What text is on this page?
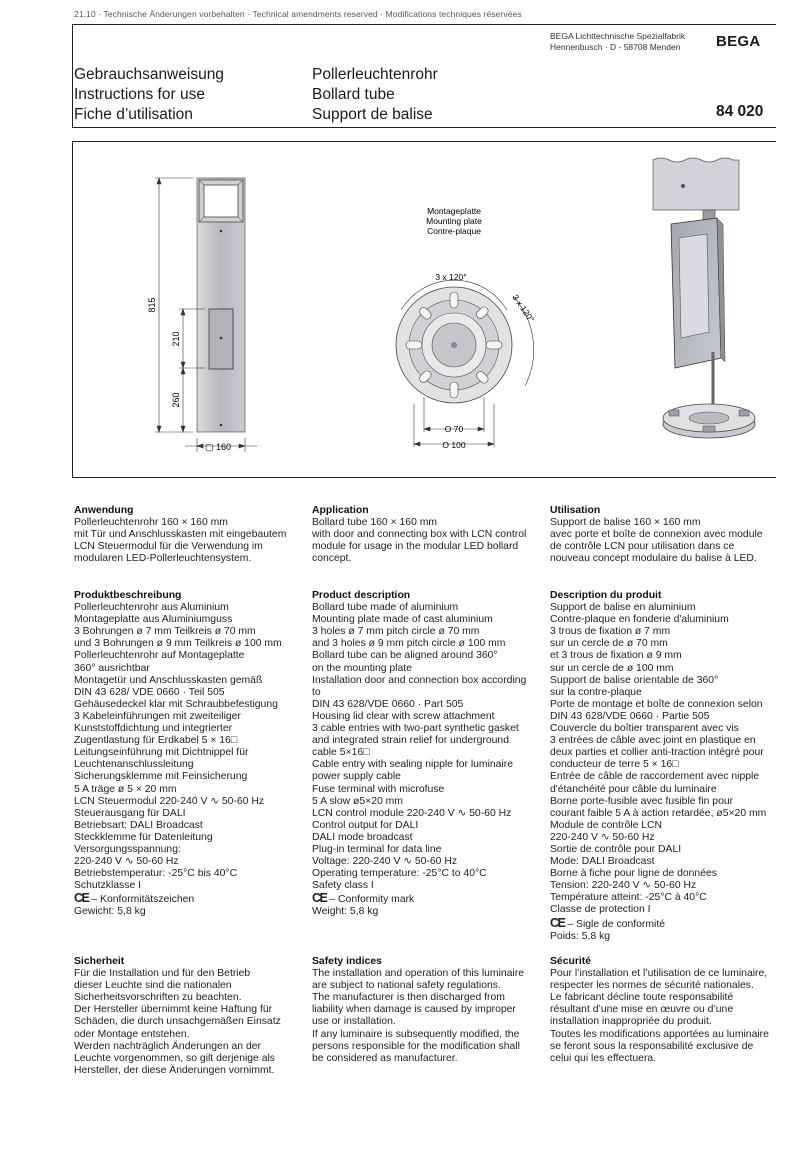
21.10 · Technische Änderungen vorbehalten · Technical amendments reserved · Modifications techniques réservées
BEGA Lichttechnische Spezialfabrik
Hennenbusch · D - 58708 Menden	BEGA
Gebrauchsanweisung
Instructions for use
Fiche d’utilisation
Pollerleuchtenrohr
Bollard tube
Support de balise	84 020
815
210
260
▢ 160
Montageplatte
Mounting plate
Contre-plaque
3 x 120°
3 x 120°
O 70
O 100
Anwendung
Pollerleuchtenrohr 160 × 160 mm
mit Tür und Anschlusskasten mit eingebautem
LCN Steuermodul für die Verwendung im
modularen LED-Pollerleuchtensystem.
Produktbeschreibung
Pollerleuchtenrohr aus Aluminium
Montageplatte aus Aluminiumguss
3 Bohrungen ø 7 mm Teilkreis ø 70 mm
und 3 Bohrungen ø 9 mm Teilkreis ø 100 mm
Pollerleuchtenrohr auf Montageplatte
360° ausrichtbar
Montagetür und Anschlusskasten gemäß
DIN 43 628/ VDE 0660 · Teil 505
Gehäusedeckel klar mit Schraubbefestigung
3 Kabeleinführungen mit zweiteiliger
Kunststoffdichtung und integrierter
Zugentlastung für Erdkabel 5 × 16□
Leitungseinführung mit Dichtnippel für
Leuchtenanschlussleitung
Sicherungsklemme mit Feinsicherung
5 A träge ø 5 × 20 mm
LCN Steuermodul 220-240 V ∿ 50-60 Hz
Steuerausgang für DALI
Betriebsart: DALI Broadcast
Steckklemme für Datenleitung
Versorgungsspannung:
220-240 V ∿ 50-60 Hz
Betriebstemperatur: -25°C bis 40°C
Schutzklasse I
CE – Konformitätszeichen
Gewicht: 5,8 kg
Sicherheit
Für die Installation und für den Betrieb
dieser Leuchte sind die nationalen
Sicherheitsvorschriften zu beachten.
Der Hersteller übernimmt keine Haftung für
Schäden, die durch unsachgemäßen Einsatz
oder Montage entstehen.
Werden nachträglich Änderungen an der
Leuchte vorgenommen, so gilt derjenige als
Hersteller, der diese Änderungen vornimmt.
Application
Bollard tube 160 × 160 mm
with door and connecting box with LCN control
module for usage in the modular LED bollard
concept.
Product description
Bollard tube made of aluminium
Mounting plate made of cast aluminium
3 holes ø 7 mm pitch circle ø 70 mm
and 3 holes ø 9 mm pitch circle ø 100 mm
Bollard tube can be aligned around 360°
on the mounting plate
Installation door and connection box according
to
DIN 43 628/VDE 0660 · Part 505
Housing lid clear with screw attachment
3 cable entries with two-part synthetic gasket
and integrated strain relief for underground
cable 5×16□
Cable entry with sealing nipple for luminaire
power supply cable
Fuse terminal with microfuse
5 A slow ø5×20 mm
LCN control module 220-240 V ∿ 50-60 Hz
Control output for DALI
DALI mode broadcast
Plug-in terminal for data line
Voltage: 220-240 V ∿ 50-60 Hz
Operating temperature: -25°C to 40°C
Safety class I
CE – Conformity mark
Weight: 5,8 kg
Safety indices
The installation and operation of this luminaire
are subject to national safety regulations.
The manufacturer is then discharged from
liability when damage is caused by improper
use or installation.
If any luminaire is subsequently modified, the
persons responsible for the modification shall
be considered as manufacturer.
Utilisation
Support de balise 160 × 160 mm
avec porte et boîte de connexion avec module
de contrôle LCN pour utilisation dans ce
nouveau concept modulaire du balise à LED.
Description du produit
Support de balise en aluminium
Contre-plaque en fonderie d'aluminium
3 trous de fixation ø 7 mm
sur un cercle de ø 70 mm
et 3 trous de fixation ø 9 mm
sur un cercle de ø 100 mm
Support de balise orientable de 360°
sur la contre-plaque
Porte de montage et boîte de connexion selon
DIN 43 628/VDE 0660 · Partie 505
Couvercle du boîtier transparent avec vis
3 entrées de câble avec joint en plastique en
deux parties et collier anti-traction intégré pour
conducteur de terre 5 × 16□
Entrée de câble de raccordement avec nipple
d'étanchéité pour câble du luminaire
Borne porte-fusible avec fusible fin pour
courant faible 5 A à action retardée, ø5×20 mm
Module de contrôle LCN
220-240 V ∿ 50-60 Hz
Sortie de contrôle pour DALI
Mode: DALI Broadcast
Borne à fiche pour ligne de données
Tension: 220-240 V ∿ 50-60 Hz
Température atteint: -25°C à 40°C
Classe de protection I
CE – Sigle de conformité
Poids: 5,8 kg
Sécurité
Pour l’installation et l’utilisation de ce luminaire,
respecter les normes de sécurité nationales.
Le fabricant décline toute responsabilité
résultant d’une mise en œuvre ou d’une
installation inappropriée du produit.
Toutes les modifications apportées au luminaire
se feront sous la responsabilité exclusive de
celui qui les effectuera.
